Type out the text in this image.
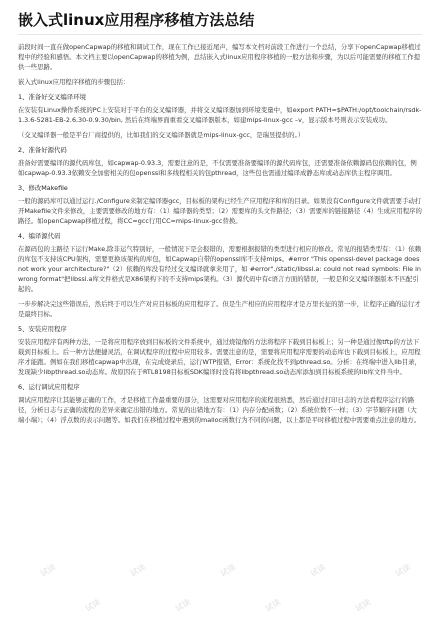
嵌入式linux应用程序移植方法总结

前段时间一直在做openCapwap的移植和调试工作，现在工作已接近尾声，编写本文档对前段工作进行一个总结，分享下openCapwap移植过程中的经验和感悟。本文档主要以openCapwap的移植为例，总结嵌入式linux应用程序移植的一般方法和步骤，为以后可能需要的移植工作提供一些思路。

嵌入式linux应用程序移植的步骤包括：

1、准备好交叉编译环境

在安装有Linux操作系统的PC上安装对于平台的交叉编译器，并将交叉编译器加到环境变量中，如export PATH=$PATH:/opt/toolchain/rsdk-1.3.6-5281-EB-2.6.30-0.9.30/bin, 然后在终端界面重看交叉编译器版本，如建mips-linux-gcc –v，显示版本号则表示安装成功。

（交叉编译器一般是平台厂商提供的，比如我们的交叉编译器就是mips-linux-gcc，是瑞昱提供的。）

2、准备好源代码

准备好需要编译的源代码库包，如capwap-0.93.3，需要注意的是，不仅需要准备要编译的源代码库包，还需要准备依赖源码包依赖的包，例如capwap-0.93.3依赖安全加密相关的包openssl和多线程相关的包pthread，这些包也需通过编译成静态库或动态库供主程序调用。

3、修改Makefile

一般的源码库可以通过运行./Configure来制定编译器gcc，目标板的架构已经生产应用程序和库的目录。如果没有Configure文件就需要手动打开Makefile文件来修改，主要需要修改的地方有：（1）编译器的类型；（2）需要库的头文件路径；（3）需要库的链接路径（4）生成应用程序的路径。如openCapwap移植过程，将CC=gcc行用CC=mips-linux-gcc替换。

4、编译源代码

在源码包的主路径下运行Make,除非运气特别好，一般情况下是会报错的，需要根据报错的类型进行相应的修改。常见的报错类型有：（1）依赖的库包不支持该CPU架构，需要更换该架构的库包，如Capwap自带的openssl库不支持mips。#error "This openssl-devel package does not work your architecture?"（2）依赖的库没有经过交叉编译就拿来用了，如 #error"./static/libssl.a: could not read symbols: File in wrong format"把libssl.a库文件格式是X86架构下的不支持mips架构。（3）源代码中有c语言方面的错误，一般是和交叉编译器版本不匹配引起的。

一步步解决完这些错误后，然后终于可以生产对应目标板的应用程序了。但是生产相应的应用程序才是万里长征的第一步，让程序正确的运行才是最终目标。

5、安装应用程序

安装应用程序有两种方法，一是将应用程序放到目标板的文件系统中，通过烧镜像的方法将程序下载到目标板上；另一种是通过像tftp的方法下载到目标板上。后一种方法便捷灵活，在调试程序的过程中应用较多。需要注意的是，需要将应用程序需要的动态库也下载到目标板上，应用程序才能跑。例如在我们移植capwap中出现，在完成烧录后，运行WTP报错，Error：系统化找不到pthread.so。分析：在终端中进入lib目录，发现缺少libpthread.so动态库。故原因在于RTL8198目标板SDK编译时没有将libpthread.so动态库添加到目标板系统的lib库文件当中。

6、运行调试应用程序

调试应用程序让其能够正确的工作，才是移植工作最重要的部分，这需要对应用程序的流程很熟悉，然后通过打印日志的方法看程序运行的路径，分析日志与正确的流程的差异来确定出错的地方。常见的出错地方有：（1）内存分配函数；（2）系统位数不一样；（3）字节顺序问题（大端小端）；（4）浮点数的表示问题等。如我们在移植过程中遇到的malloc函数行为不同的问题，以上都是平时移植过程中需要重点注意的地方。

试读	试读	试读	试读	试读
试读	试读	试读	试读
